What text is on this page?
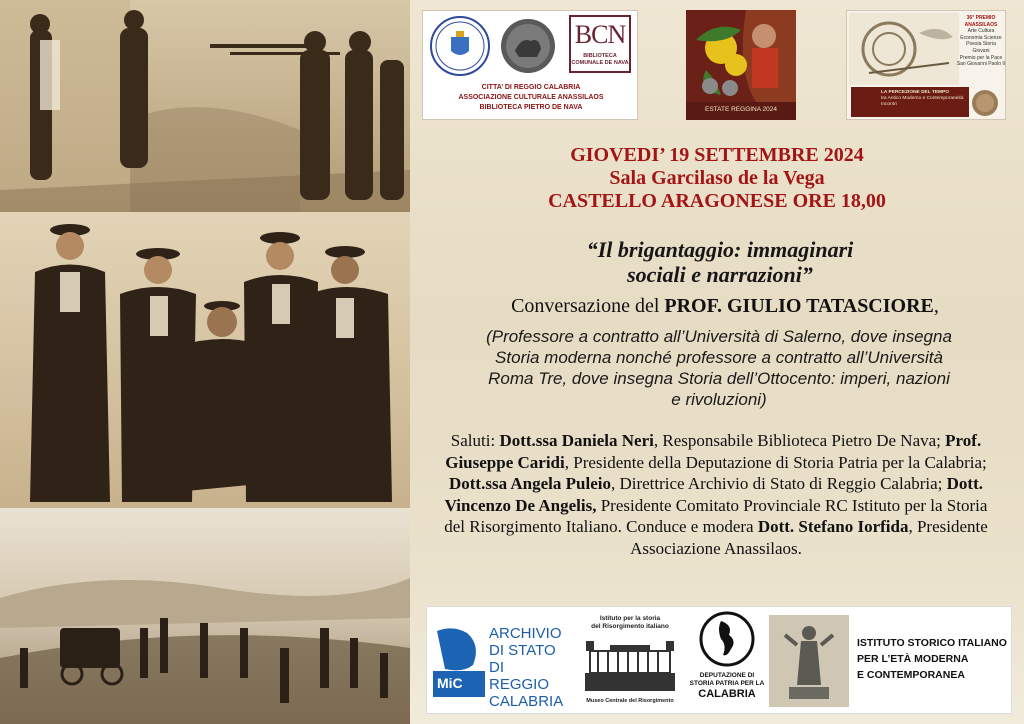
BCN
BIBLIOTECA COMUNALE DE NAVA
CITTA’ DI REGGIO CALABRIA
ASSOCIAZIONE CULTURALE ANASSILAOS
BIBLIOTECA PIETRO DE NAVA	ESTATE REGGINA 2024
36° PREMIO
ANASSILAOS
Arte Cultura
Economia Scienze
Poesia Storia
Giovani
Premio per la Pace
San Giovanni Paolo II
LA PERCEZIONE DEL TEMPO
tra Antico Moderno e Contemporaneità
Incontri
GIOVEDI’ 19 SETTEMBRE 2024
Sala Garcilaso de la Vega
CASTELLO ARAGONESE ORE 18,00
“Il brigantaggio: immaginari
sociali e narrazioni”
Conversazione del PROF. GIULIO TATASCIORE,
(Professore a contratto all’Università di Salerno, dove insegna
Storia moderna nonché professore a contratto all’Università
Roma Tre, dove insegna Storia dell’Ottocento: imperi, nazioni
e rivoluzioni)
Saluti: Dott.ssa Daniela Neri, Responsabile Biblioteca Pietro De Nava; Prof. Giuseppe Caridi, Presidente della Deputazione di Storia Patria per la Calabria; Dott.ssa Angela Puleio, Direttrice Archivio di Stato di Reggio Calabria; Dott. Vincenzo De Angelis, Presidente Comitato Provinciale RC Istituto per la Storia del Risorgimento Italiano. Conduce e modera Dott. Stefano Iorfida, Presidente Associazione Anassilaos.
MiC
ARCHIVIO
DI STATO
DI REGGIO
CALABRIA
Istituto per la storia
del Risorgimento italiano
Museo Centrale del Risorgimento
DEPUTAZIONE DI
STORIA PATRIA PER LA
CALABRIA
ISTITUTO STORICO ITALIANO
PER L’ETÀ MODERNA
E CONTEMPORANEA
